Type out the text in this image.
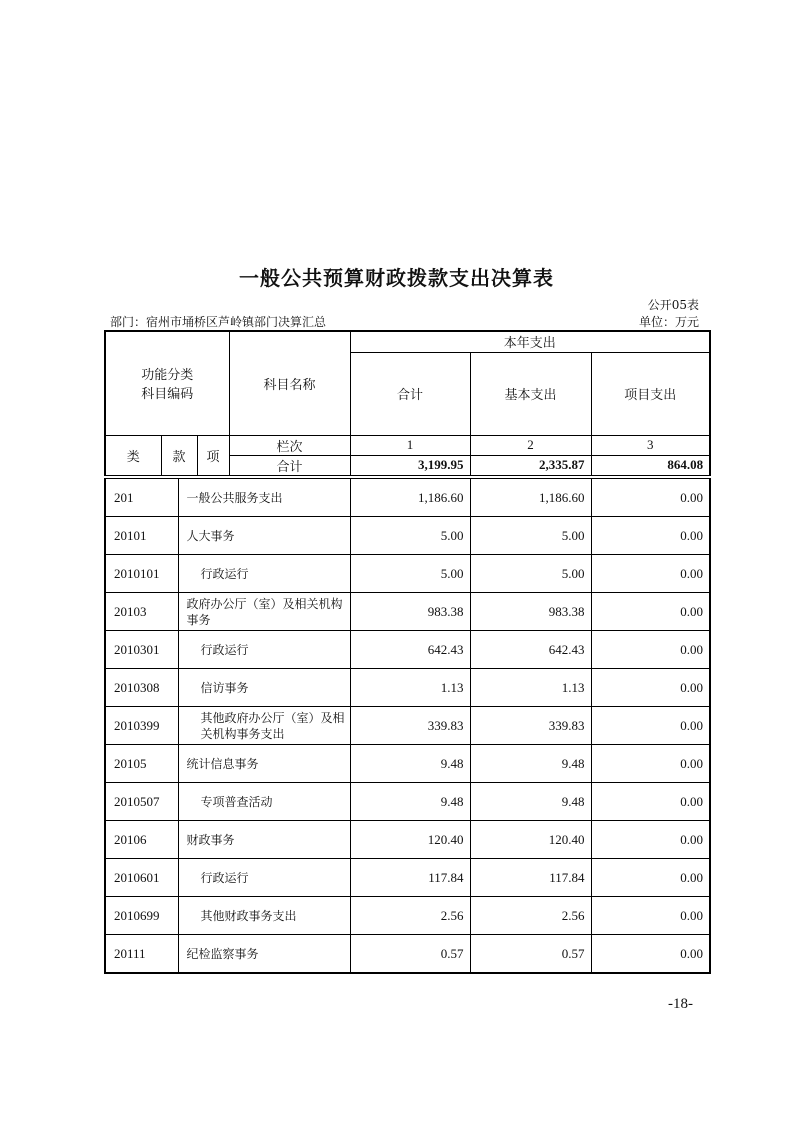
一般公共预算财政拨款支出决算表
公开05表
部门：宿州市埇桥区芦岭镇部门决算汇总	单位：万元
功能分类
科目编码			科目名称	本年支出		
				合计	基本支出	项目支出

类	款	项	栏次	1	2	3
			合计	3,199.95	2,335.87	864.08
201	一般公共服务支出	1,186.60	1,186.60	0.00
20101	人大事务	5.00	5.00	0.00
2010101	行政运行	5.00	5.00	0.00
20103	政府办公厅（室）及相关机构事务	983.38	983.38	0.00
2010301	行政运行	642.43	642.43	0.00
2010308	信访事务	1.13	1.13	0.00
2010399	其他政府办公厅（室）及相关机构事务支出	339.83	339.83	0.00
20105	统计信息事务	9.48	9.48	0.00
2010507	专项普查活动	9.48	9.48	0.00
20106	财政事务	120.40	120.40	0.00
2010601	行政运行	117.84	117.84	0.00
2010699	其他财政事务支出	2.56	2.56	0.00
20111	纪检监察事务	0.57	0.57	0.00
-18-
